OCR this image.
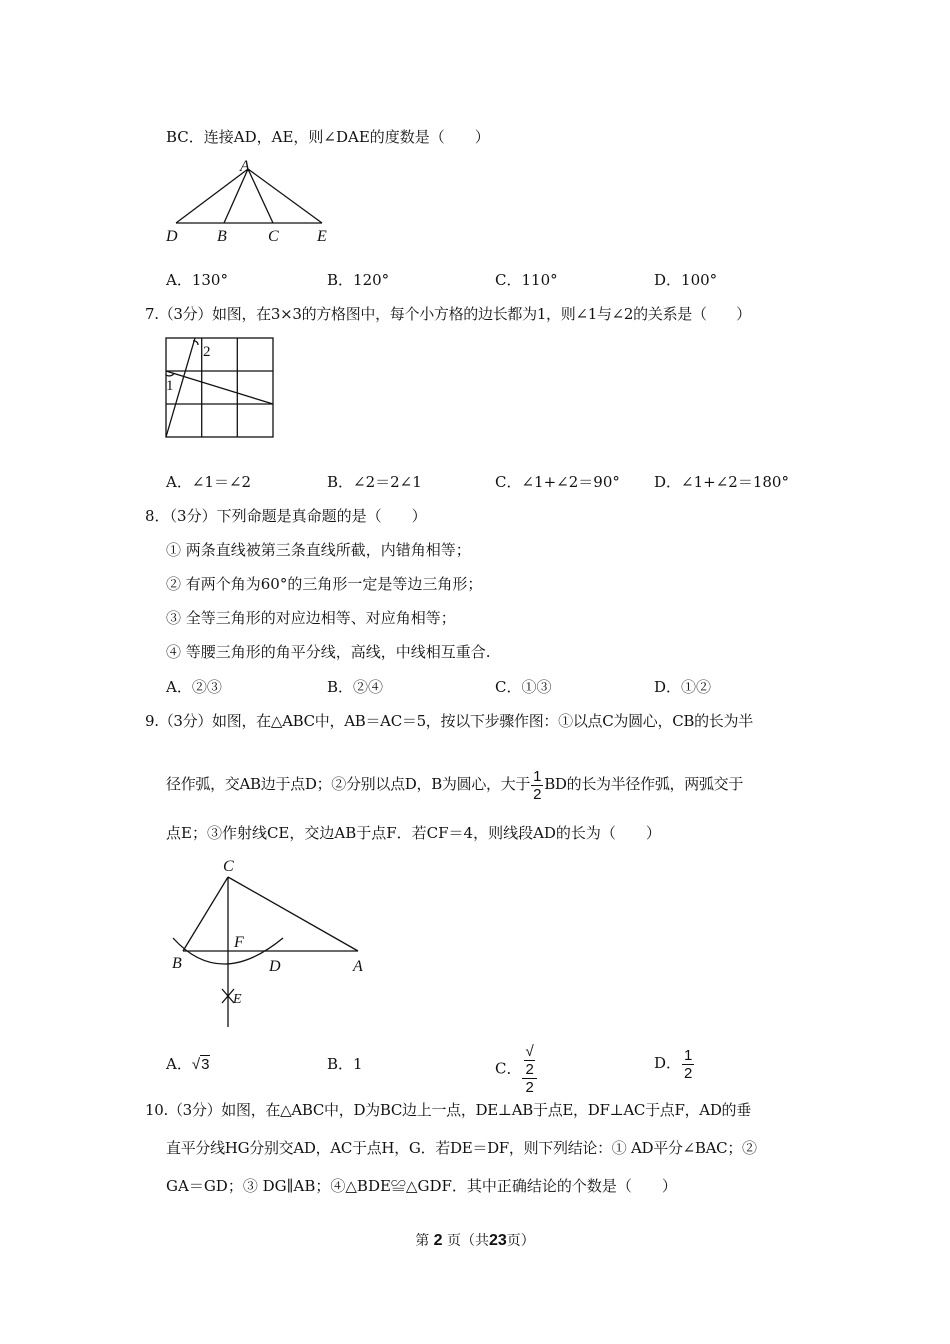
BC．连接AD，AE，则∠DAE的度数是（　　）
A
D B	C E
A．130°	B．120°	C．110°	D．100°
7.（3分）如图，在3×3的方格图中，每个小方格的边长都为1，则∠1与∠2的关系是（　　）
1
2
A．∠1＝∠2	B．∠2＝2∠1	C．∠1+∠2＝90° D．∠1+∠2＝180°
8．（3分）下列命题是真命题的是（　　）
① 两条直线被第三条直线所截，内错角相等；
② 有两个角为60°的三角形一定是等边三角形；
③ 全等三角形的对应边相等、对应角相等；
④ 等腰三角形的角平分线，高线，中线相互重合.
A．②③	B．②④	C．①③	D．①②
9.（3分）如图，在△ABC中，AB＝AC＝5，按以下步骤作图：①以点C为圆心，CB的长为半
径作弧，交AB边于点D；②分别以点D，B为圆心，大于 $\frac{1}{2}$ BD的长为半径作弧，两弧交于
点E；③作射线CE，交边AB于点F．若CF＝4，则线段AD的长为（　　）
C
F
B	D	A
E
A．√3	B．1	C． √
2
2	D． $\frac{1}{2}$
10.（3分）如图，在△ABC中，D为BC边上一点，DE⊥AB于点E，DF⊥AC于点F，AD的垂
直平分线HG分别交AD，AC于点H，G．若DE＝DF，则下列结论：① AD平分∠BAC；②
GA＝GD；③ DG∥AB；④△BDE≌△GDF．其中正确结论的个数是（　　）
第 2 页（共23页）
